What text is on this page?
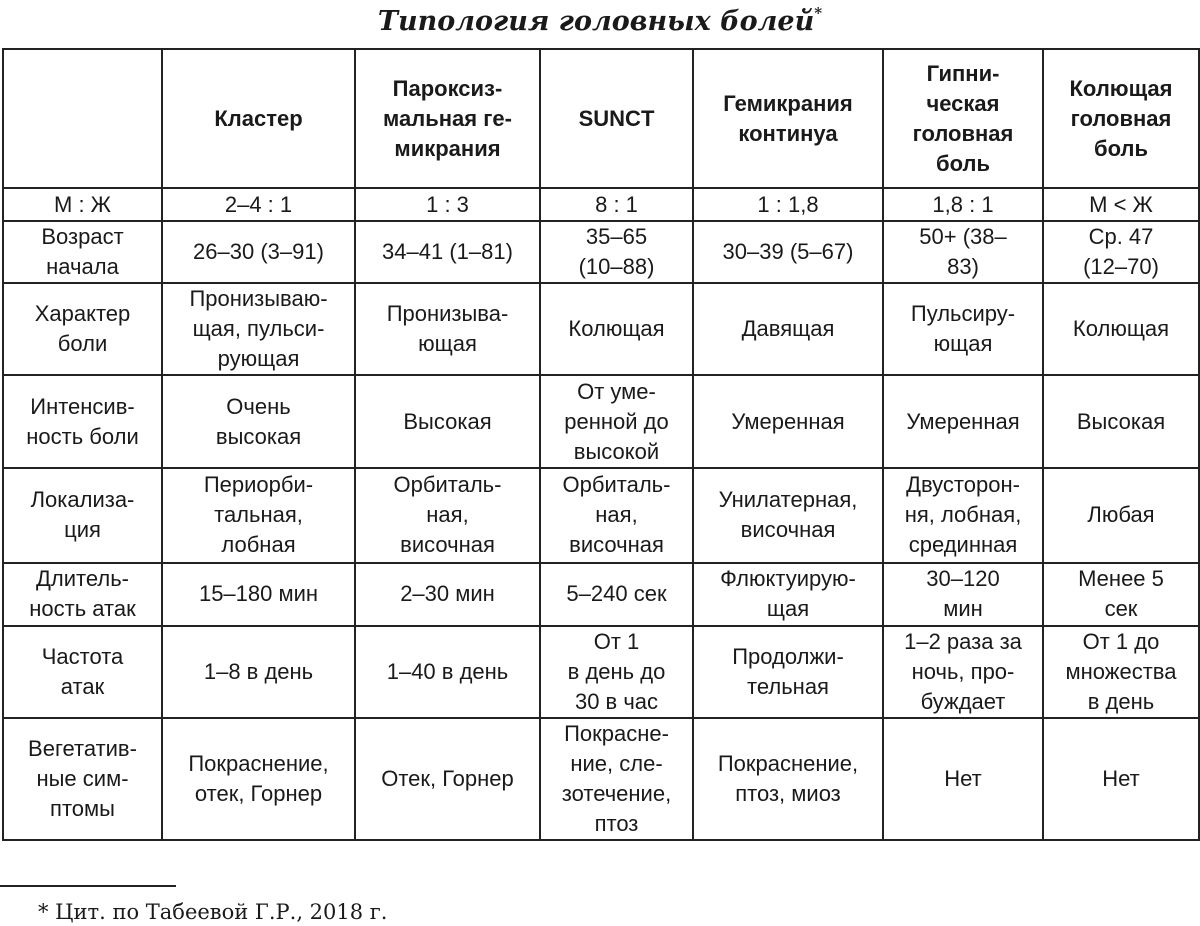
Типология головных болей*

	Кластер	Пароксиз-
мальная ге-
микрания	SUNCT	Гемикрания
континуа	Гипни-
ческая
головная
боль	Колющая
головная
боль

М : Ж	2–4 : 1	1 : 3	8 : 1	1 : 1,8	1,8 : 1	М < Ж

Возраст
начала	26–30 (3–91)	34–41 (1–81)	35–65
(10–88)	30–39 (5–67)	50+ (38–
83)	Ср. 47
(12–70)

Характер
боли	Пронизываю-
щая, пульси-
рующая	Пронизыва-
ющая	Колющая	Давящая	Пульсиру-
ющая	Колющая

Интенсив-
ность боли	Очень
высокая	Высокая	От уме-
ренной до
высокой	Умеренная	Умеренная	Высокая

Локализа-
ция	Периорби-
тальная,
лобная	Орбиталь-
ная,
височная	Орбиталь-
ная,
височная	Унилатерная,
височная	Двусторон-
ня, лобная,
срединная	Любая

Длитель-
ность атак	15–180 мин	2–30 мин	5–240 сек	Флюктуирую-
щая	30–120
мин	Менее 5
сек

Частота
атак	1–8 в день	1–40 в день	От 1
в день до
30 в час	Продолжи-
тельная	1–2 раза за
ночь, про-
буждает	От 1 до
множества
в день

Вегетатив-
ные сим-
птомы	Покраснение,
отек, Горнер	Отек, Горнер	Покрасне-
ние, сле-
зотечение,
птоз	Покраснение,
птоз, миоз	Нет	Нет
* Цит. по Табеевой Г.Р., 2018 г.
